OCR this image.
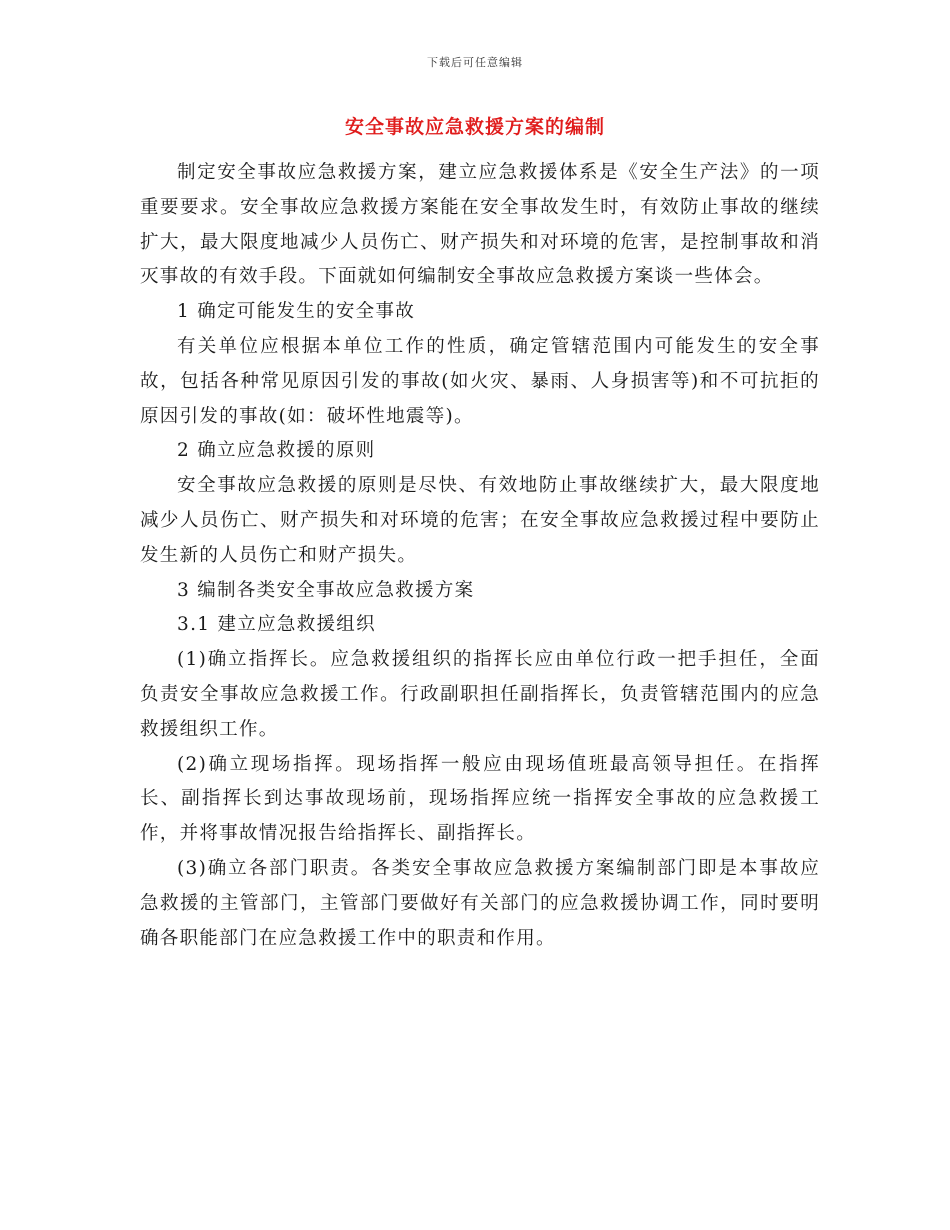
下载后可任意编辑
安全事故应急救援方案的编制

制定安全事故应急救援方案，建立应急救援体系是《安全生产法》的一项重要要求。安全事故应急救援方案能在安全事故发生时，有效防止事故的继续扩大，最大限度地减少人员伤亡、财产损失和对环境的危害，是控制事故和消灭事故的有效手段。下面就如何编制安全事故应急救援方案谈一些体会。

1 确定可能发生的安全事故

有关单位应根据本单位工作的性质，确定管辖范围内可能发生的安全事故，包括各种常见原因引发的事故(如火灾、暴雨、人身损害等)和不可抗拒的原因引发的事故(如：破坏性地震等)。

2 确立应急救援的原则

安全事故应急救援的原则是尽快、有效地防止事故继续扩大，最大限度地减少人员伤亡、财产损失和对环境的危害；在安全事故应急救援过程中要防止发生新的人员伤亡和财产损失。

3 编制各类安全事故应急救援方案

3.1 建立应急救援组织

(1)确立指挥长。应急救援组织的指挥长应由单位行政一把手担任，全面负责安全事故应急救援工作。行政副职担任副指挥长，负责管辖范围内的应急救援组织工作。

(2)确立现场指挥。现场指挥一般应由现场值班最高领导担任。在指挥长、副指挥长到达事故现场前，现场指挥应统一指挥安全事故的应急救援工作，并将事故情况报告给指挥长、副指挥长。

(3)确立各部门职责。各类安全事故应急救援方案编制部门即是本事故应急救援的主管部门，主管部门要做好有关部门的应急救援协调工作，同时要明确各职能部门在应急救援工作中的职责和作用。
